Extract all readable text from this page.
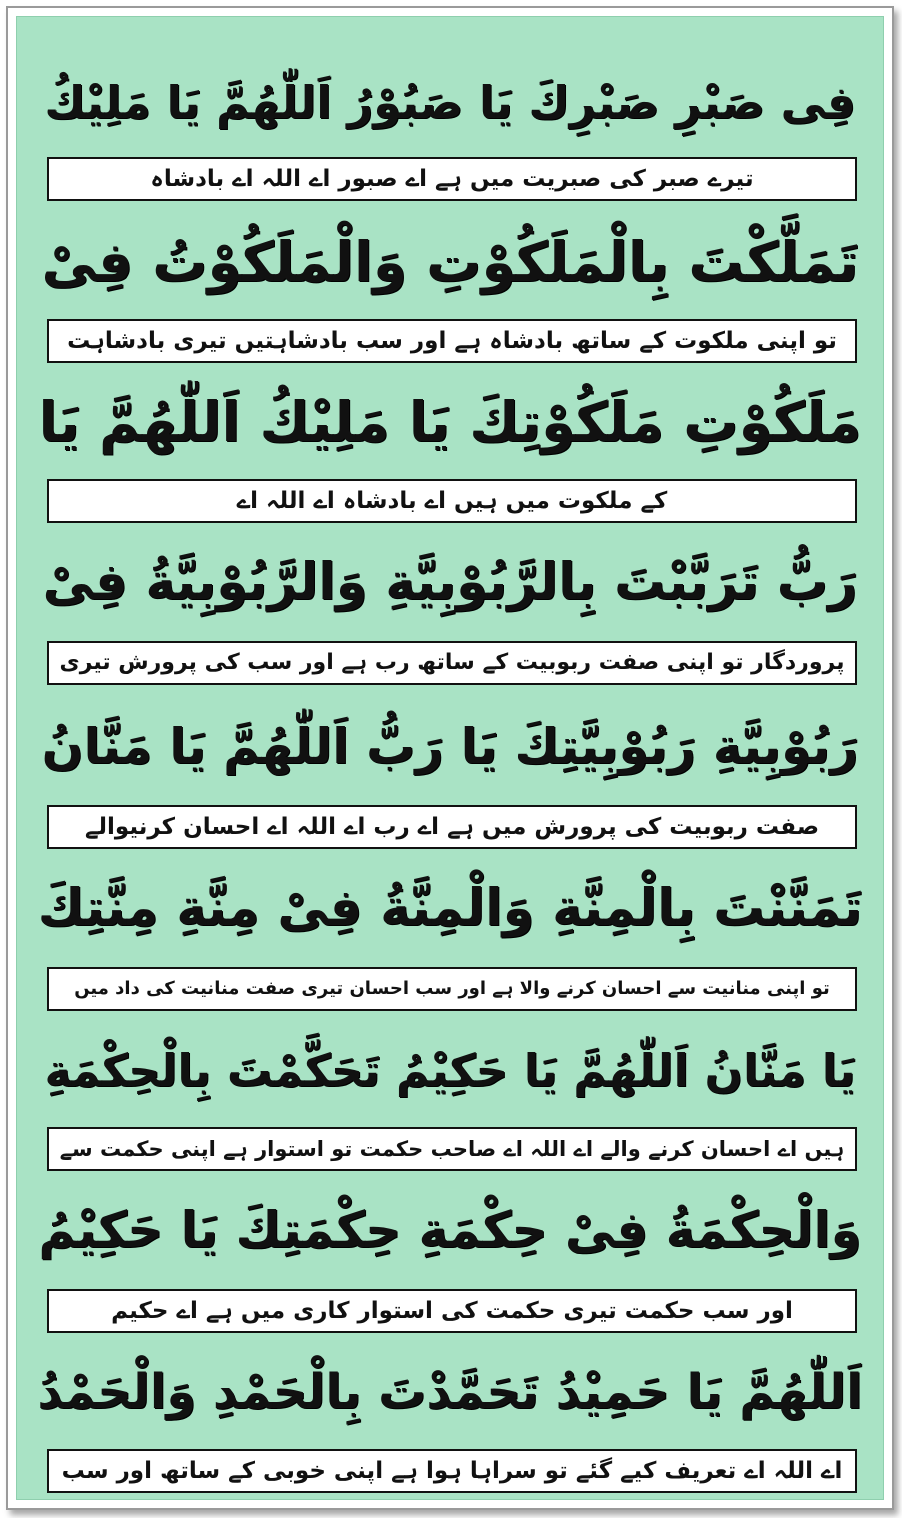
فِی صَبْرِ صَبْرِكَ یَا صَبُوْرُ اَللّٰھُمَّ یَا مَلِیْكُ
تیرے صبر کی صبریت میں ہے اے صبور اے اللہ اے بادشاہ
تَمَلَّكْتَ بِالْمَلَكُوْتِ وَالْمَلَكُوْتُ فِیْ
تو اپنی ملکوت کے ساتھ بادشاہ ہے اور سب بادشاہتیں تیری بادشاہت
مَلَكُوْتِ مَلَكُوْتِكَ یَا مَلِیْكُ اَللّٰھُمَّ یَا
کے ملکوت میں ہیں اے بادشاہ اے اللہ اے
رَبُّ تَرَبَّبْتَ بِالرَّبُوْبِیَّةِ وَالرَّبُوْبِیَّةُ فِیْ
پروردگار تو اپنی صفت ربوبیت کے ساتھ رب ہے اور سب کی پرورش تیری
رَبُوْبِیَّةِ رَبُوْبِیَّتِكَ یَا رَبُّ اَللّٰھُمَّ یَا مَنَّانُ
صفت ربوبیت کی پرورش میں ہے اے رب اے اللہ اے احسان کرنیوالے
تَمَنَّنْتَ بِالْمِنَّةِ وَالْمِنَّةُ فِیْ مِنَّةِ مِنَّتِكَ
تو اپنی منانیت سے احسان کرنے والا ہے اور سب احسان تیری صفت منانیت کی داد میں
یَا مَنَّانُ اَللّٰھُمَّ یَا حَكِیْمُ تَحَكَّمْتَ بِالْحِكْمَةِ
ہیں اے احسان کرنے والے اے اللہ اے صاحب حکمت تو استوار ہے اپنی حکمت سے
وَالْحِكْمَةُ فِیْ حِكْمَةِ حِكْمَتِكَ یَا حَكِیْمُ
اور سب حکمت تیری حکمت کی استوار کاری میں ہے اے حکیم
اَللّٰھُمَّ یَا حَمِیْدُ تَحَمَّدْتَ بِالْحَمْدِ وَالْحَمْدُ
اے اللہ اے تعریف کیے گئے تو سراہا ہوا ہے اپنی خوبی کے ساتھ اور سب
